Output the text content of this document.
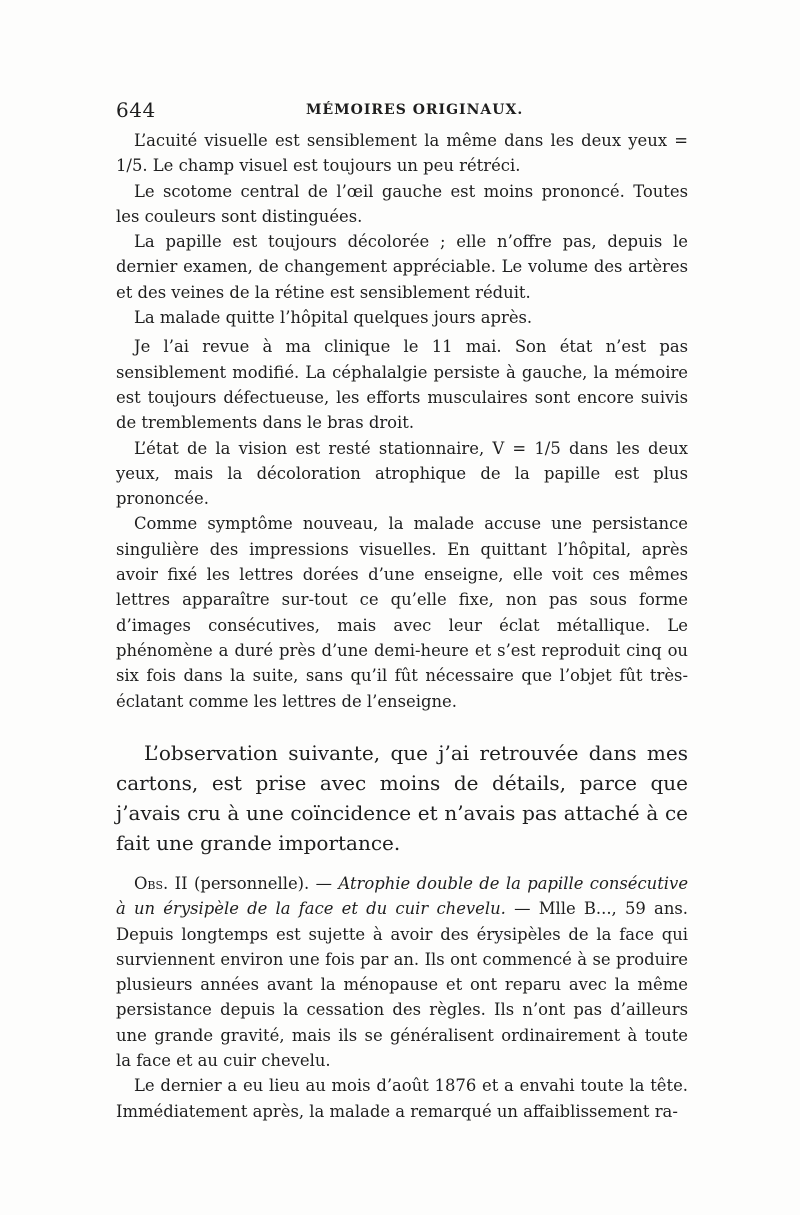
644	MÉMOIRES ORIGINAUX.

L’acuité visuelle est sensiblement la même dans les deux yeux = 1/5. Le champ visuel est toujours un peu rétréci.

Le scotome central de l’œil gauche est moins prononcé. Toutes les couleurs sont distinguées.

La papille est toujours décolorée ; elle n’offre pas, depuis le dernier examen, de changement appréciable. Le volume des artères et des veines de la rétine est sensiblement réduit.

La malade quitte l’hôpital quelques jours après.

Je l’ai revue à ma clinique le 11 mai. Son état n’est pas sensiblement modifié. La céphalalgie persiste à gauche, la mémoire est toujours défectueuse, les efforts musculaires sont encore suivis de tremblements dans le bras droit.

L’état de la vision est resté stationnaire, V = 1/5 dans les deux yeux, mais la décoloration atrophique de la papille est plus prononcée.

Comme symptôme nouveau, la malade accuse une persistance singulière des impressions visuelles. En quittant l’hôpital, après avoir fixé les lettres dorées d’une enseigne, elle voit ces mêmes lettres apparaître sur-tout ce qu’elle fixe, non pas sous forme d’images consécutives, mais avec leur éclat métallique. Le phénomène a duré près d’une demi-heure et s’est reproduit cinq ou six fois dans la suite, sans qu’il fût nécessaire que l’objet fût très-éclatant comme les lettres de l’enseigne.

L’observation suivante, que j’ai retrouvée dans mes cartons, est prise avec moins de détails, parce que j’avais cru à une coïncidence et n’avais pas attaché à ce fait une grande importance.

Obs. II (personnelle). — Atrophie double de la papille consécutive à un érysipèle de la face et du cuir chevelu. — Mlle B..., 59 ans. Depuis longtemps est sujette à avoir des érysipèles de la face qui surviennent environ une fois par an. Ils ont commencé à se produire plusieurs années avant la ménopause et ont reparu avec la même persistance depuis la cessation des règles. Ils n’ont pas d’ailleurs une grande gravité, mais ils se généralisent ordinairement à toute la face et au cuir chevelu.

Le dernier a eu lieu au mois d’août 1876 et a envahi toute la tête. Immédiatement après, la malade a remarqué un affaiblissement ra-
